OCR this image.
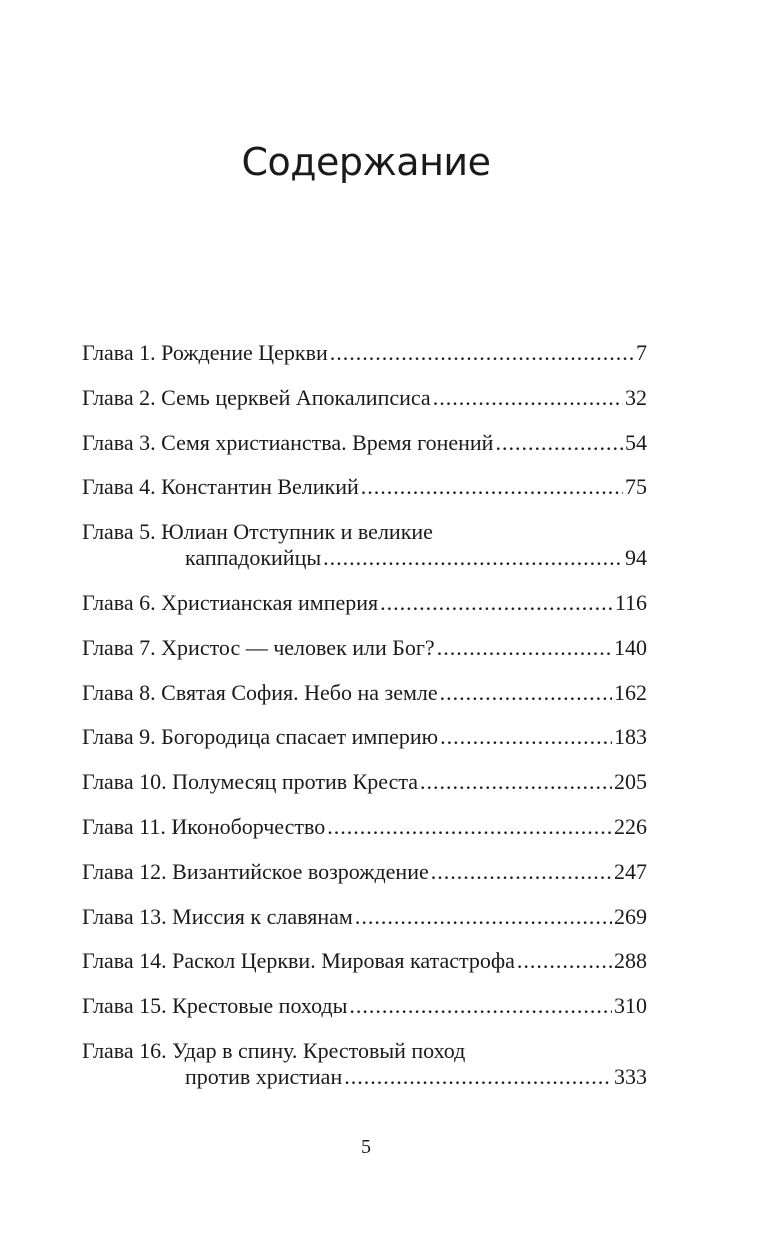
Содержание
Глава 1. Рождение Церкви .....	7
Глава 2. Семь церквей Апокалипсиса .....	32
Глава 3. Семя христианства. Время гонений .....	54
Глава 4. Константин Великий .....	75
Глава 5. Юлиан Отступник и великие
каппадокийцы .....	94
Глава 6. Христианская империя .....	116
Глава 7. Христос — человек или Бог? .....	140
Глава 8. Святая София. Небо на земле .....	162
Глава 9. Богородица спасает империю .....	183
Глава 10. Полумесяц против Креста .....	205
Глава 11. Иконоборчество .....	226
Глава 12. Византийское возрождение .....	247
Глава 13. Миссия к славянам .....	269
Глава 14. Раскол Церкви. Мировая катастрофа .....	288
Глава 15. Крестовые походы .....	310
Глава 16. Удар в спину. Крестовый поход
против христиан .....	333
5
